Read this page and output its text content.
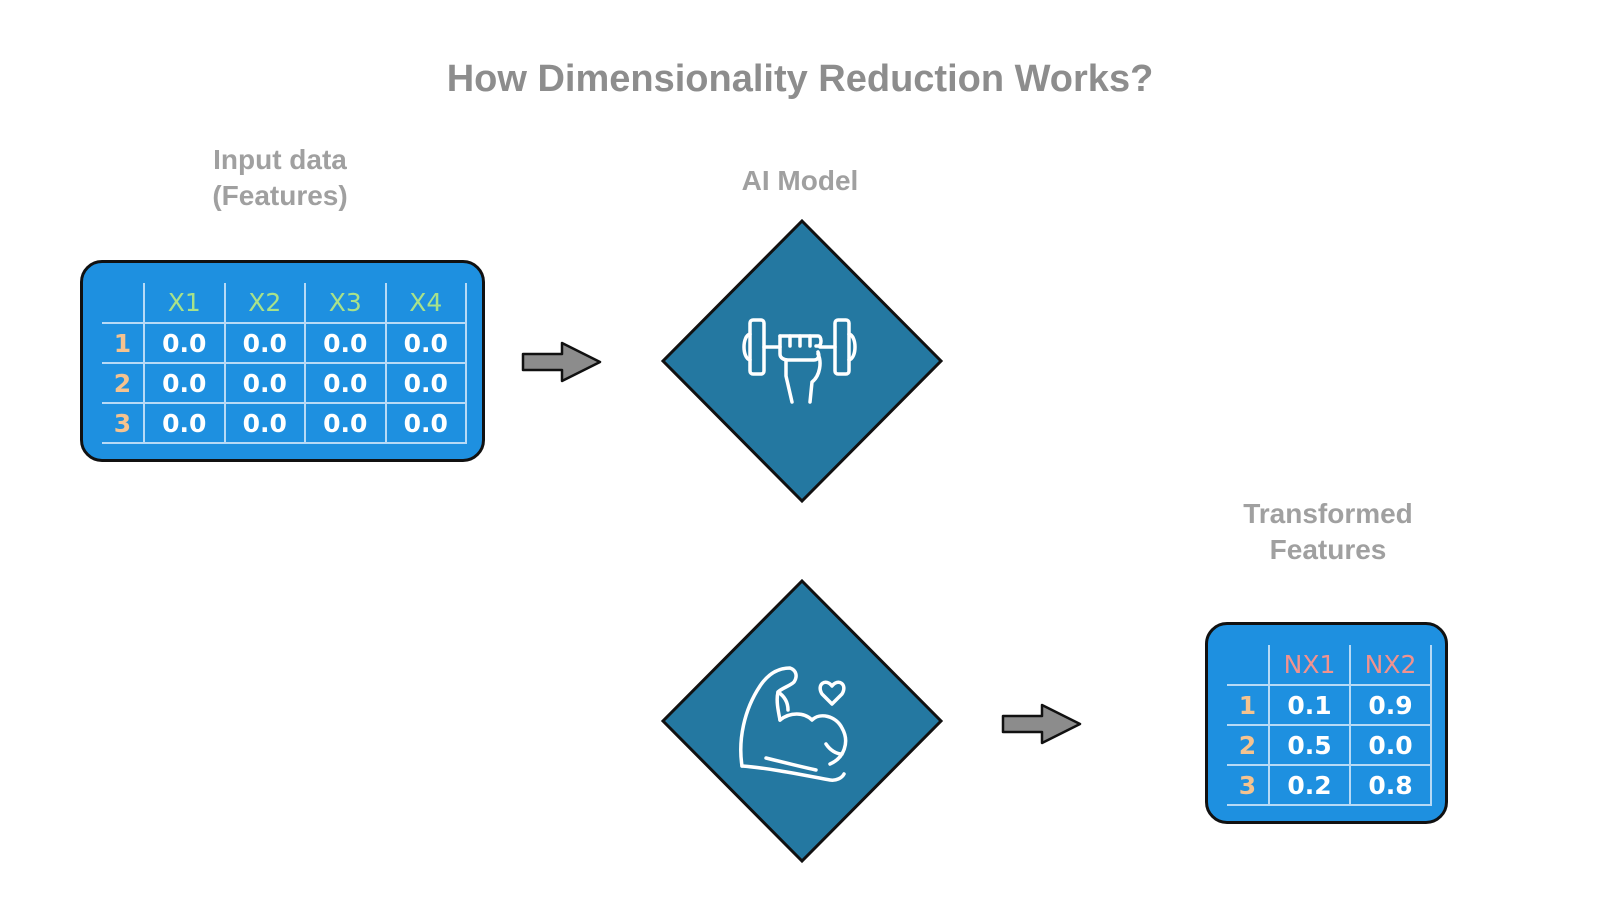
How Dimensionality Reduction Works?
Input data
(Features)
	X1	X2	X3	X4
1	0.0	0.0	0.0	0.0
2	0.0	0.0	0.0	0.0
3	0.0	0.0	0.0	0.0
AI Model
Transformed
Features
	NX1	NX2
1	0.1	0.9
2	0.5	0.0
3	0.2	0.8
